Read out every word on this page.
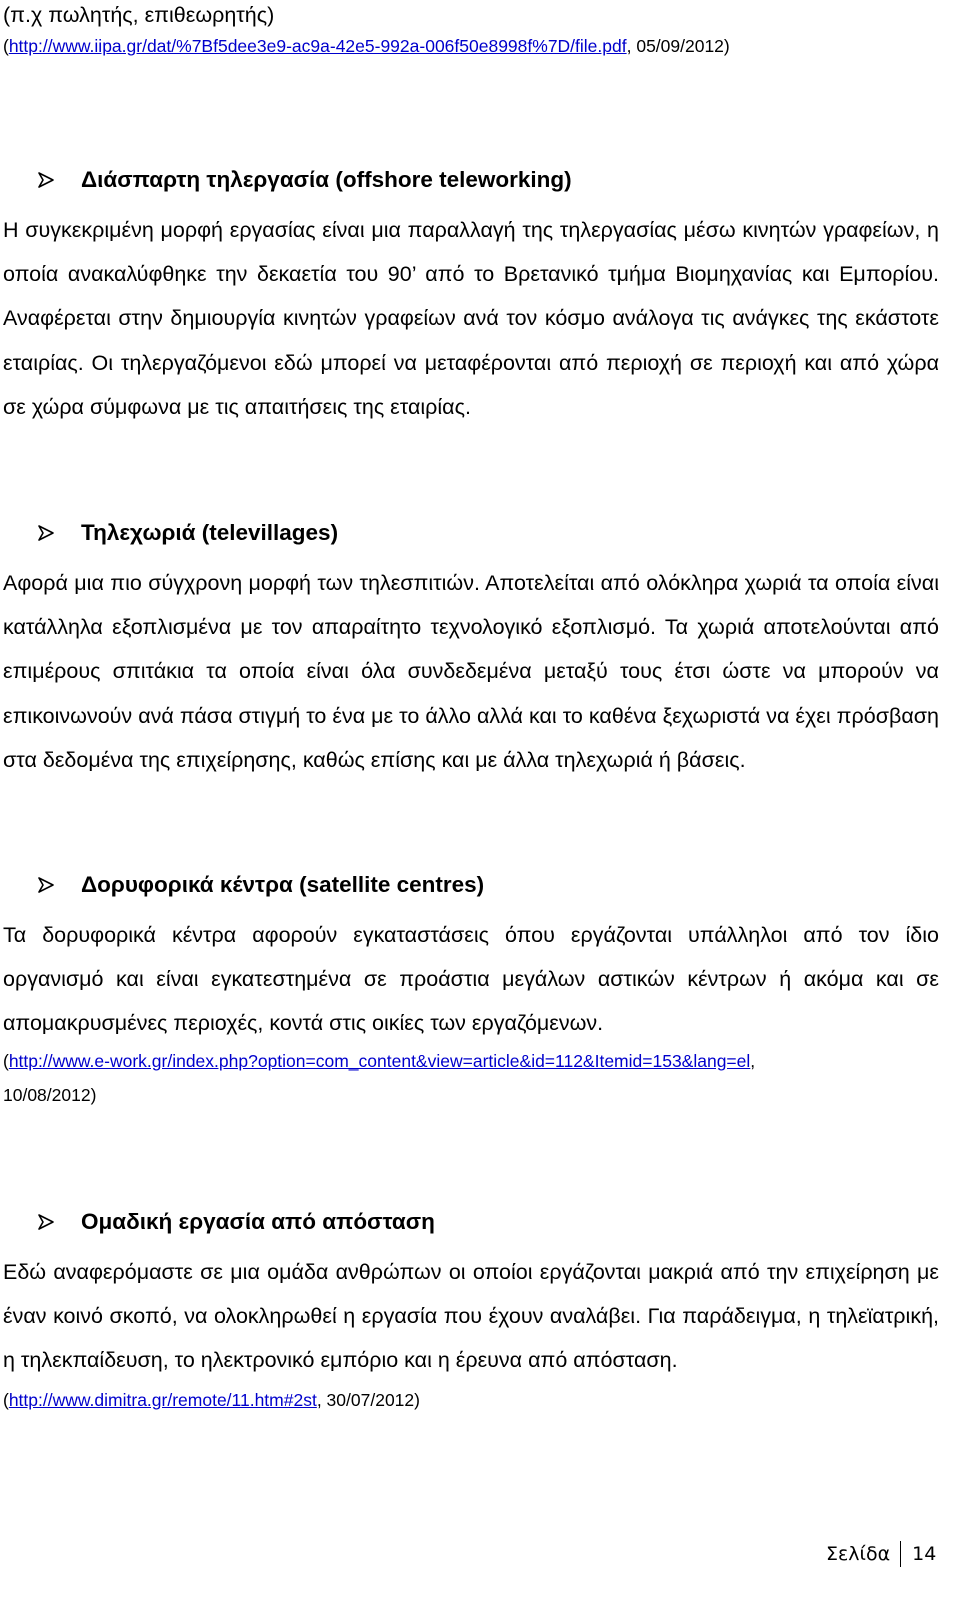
(π.χ πωλητής, επιθεωρητής)

(http://www.iipa.gr/dat/%7Bf5dee3e9-ac9a-42e5-992a-006f50e8998f%7D/file.pdf, 05/09/2012)

Διάσπαρτη τηλεργασία (offshore teleworking)

Η συγκεκριμένη μορφή εργασίας είναι μια παραλλαγή της τηλεργασίας μέσω κινητών γραφείων, η οποία ανακαλύφθηκε την δεκαετία του 90’ από το Βρετανικό τμήμα Βιομηχανίας και Εμπορίου. Αναφέρεται στην δημιουργία κινητών γραφείων ανά τον κόσμο ανάλογα τις ανάγκες της εκάστοτε εταιρίας. Οι τηλεργαζόμενοι εδώ μπορεί να μεταφέρονται από περιοχή σε περιοχή και από χώρα σε χώρα σύμφωνα με τις απαιτήσεις της εταιρίας.

Τηλεχωριά (televillages)

Αφορά μια πιο σύγχρονη μορφή των τηλεσπιτιών. Αποτελείται από ολόκληρα χωριά τα οποία είναι κατάλληλα εξοπλισμένα με τον απαραίτητο τεχνολογικό εξοπλισμό. Τα χωριά αποτελούνται από επιμέρους σπιτάκια τα οποία είναι όλα συνδεδεμένα μεταξύ τους έτσι ώστε να μπορούν να επικοινωνούν ανά πάσα στιγμή το ένα με το άλλο αλλά και το καθένα ξεχωριστά να έχει πρόσβαση στα δεδομένα της επιχείρησης, καθώς επίσης και με άλλα τηλεχωριά ή βάσεις.

Δορυφορικά κέντρα (satellite centres)

Τα δορυφορικά κέντρα αφορούν εγκαταστάσεις όπου εργάζονται υπάλληλοι από τον ίδιο οργανισμό και είναι εγκατεστημένα σε προάστια μεγάλων αστικών κέντρων ή ακόμα και σε απομακρυσμένες περιοχές, κοντά στις οικίες των εργαζόμενων.

(http://www.e-work.gr/index.php?option=com_content&view=article&id=112&Itemid=153&lang=el,

10/08/2012)

Ομαδική εργασία από απόσταση

Εδώ αναφερόμαστε σε μια ομάδα ανθρώπων οι οποίοι εργάζονται μακριά από την επιχείρηση με έναν κοινό σκοπό, να ολοκληρωθεί η εργασία που έχουν αναλάβει. Για παράδειγμα, η τηλεϊατρική, η τηλεκπαίδευση, το ηλεκτρονικό εμπόριο και η έρευνα από απόσταση.

(http://www.dimitra.gr/remote/11.htm#2st, 30/07/2012)

Σελίδα 14
